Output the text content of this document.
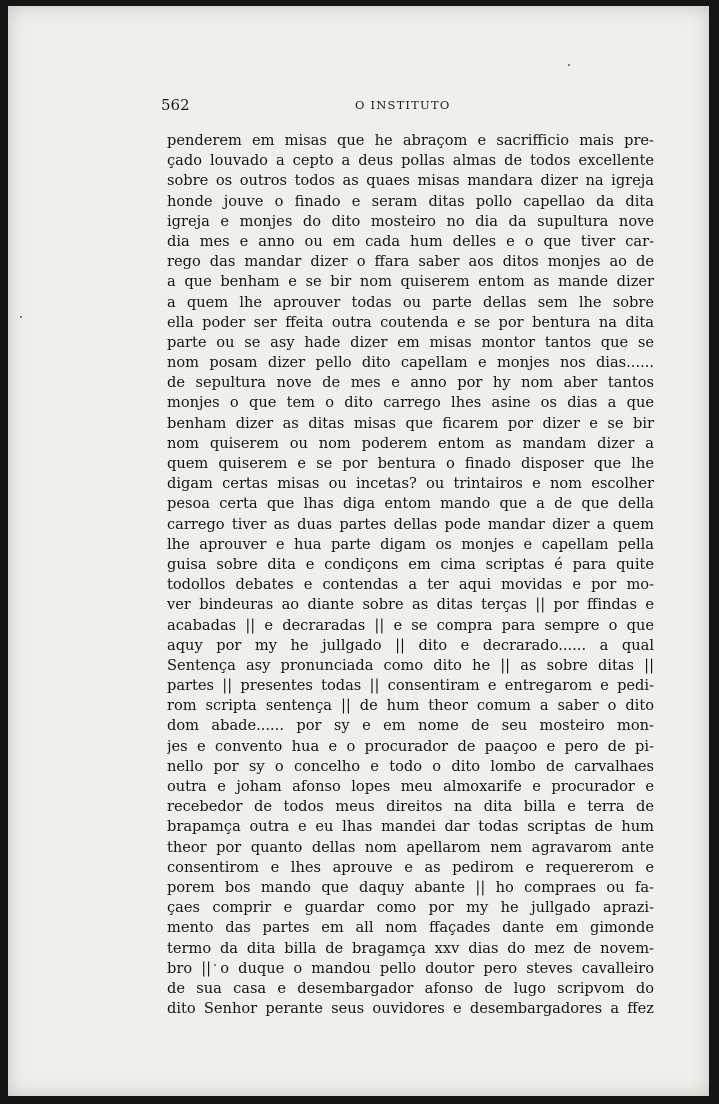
562	O INSTITUTO
penderem em misas que he abraçom e sacrifficio mais pre-
çado louvado a cepto a deus pollas almas de todos excellente
sobre os outros todos as quaes misas mandara dizer na igreja
honde jouve o finado e seram ditas pollo capellao da dita
igreja e monjes do dito mosteiro no dia da supultura nove
dia mes e anno ou em cada hum delles e o que tiver car-
rego das mandar dizer o ffara saber aos ditos monjes ao de
a que benham e se bir nom quiserem entom as mande dizer
a quem lhe aprouver todas ou parte dellas sem lhe sobre
ella poder ser ffeita outra coutenda e se por bentura na dita
parte ou se asy hade dizer em misas montor tantos que se
nom posam dizer pello dito capellam e monjes nos dias......
de sepultura nove de mes e anno por hy nom aber tantos
monjes o que tem o dito carrego lhes asine os dias a que
benham dizer as ditas misas que ficarem por dizer e se bir
nom quiserem ou nom poderem entom as mandam dizer a
quem quiserem e se por bentura o finado disposer que lhe
digam certas misas ou incetas? ou trintairos e nom escolher
pesoa certa que lhas diga entom mando que a de que della
carrego tiver as duas partes dellas pode mandar dizer a quem
lhe aprouver e hua parte digam os monjes e capellam pella
guisa sobre dita e condiçons em cima scriptas é para quite
todollos debates e contendas a ter aqui movidas e por mo-
ver bindeuras ao diante sobre as ditas terças || por ffindas e
acabadas || e decraradas || e se compra para sempre o que
aquy por my he jullgado || dito e decrarado...... a qual
Sentença asy pronunciada como dito he || as sobre ditas ||
partes || presentes todas || consentiram e entregarom e pedi-
rom scripta sentença || de hum theor comum a saber o dito
dom abade...... por sy e em nome de seu mosteiro mon-
jes e convento hua e o procurador de paaçoo e pero de pi-
nello por sy o concelho e todo o dito lombo de carvalhaes
outra e joham afonso lopes meu almoxarife e procurador e
recebedor de todos meus direitos na dita billa e terra de
brapamça outra e eu lhas mandei dar todas scriptas de hum
theor por quanto dellas nom apellarom nem agravarom ante
consentirom e lhes aprouve e as pedirom e requererom e
porem bos mando que daquy abante || ho compraes ou fa-
çaes comprir e guardar como por my he jullgado aprazi-
mento das partes em all nom ffaçades dante em gimonde
termo da dita billa de bragamça xxv dias do mez de novem-
bro || o duque o mandou pello doutor pero steves cavalleiro
de sua casa e desembargador afonso de lugo scripvom do
dito Senhor perante seus ouvidores e desembargadores a ffez
